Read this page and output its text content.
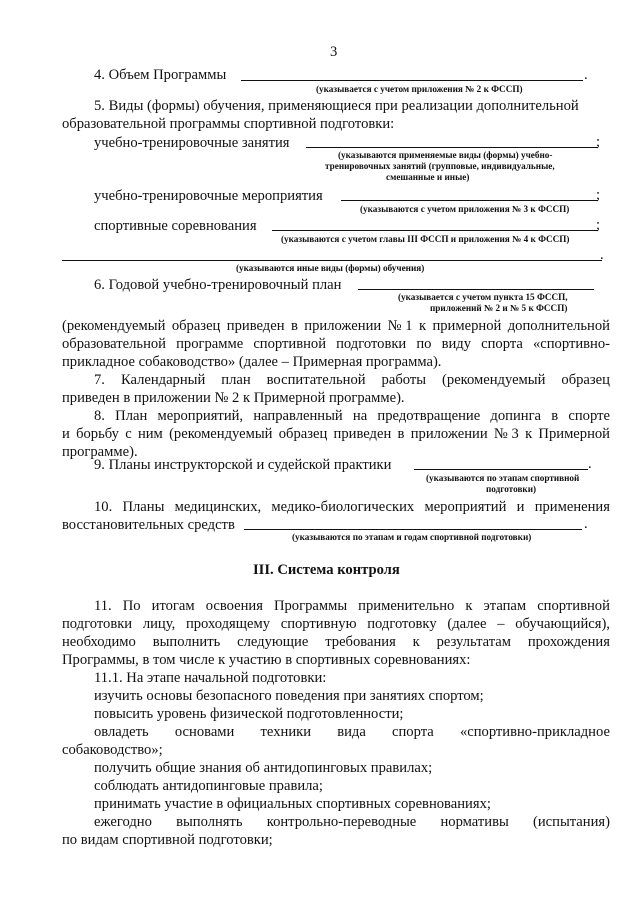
3
4. Объем Программы	.
(указывается с учетом приложения № 2 к ФССП)
5. Виды (формы) обучения, применяющиеся при реализации дополнительной
образовательной программы спортивной подготовки:
учебно-тренировочные занятия	;
(указываются применяемые виды (формы) учебно-
тренировочных занятий (групповые, индивидуальные,
смешанные и иные)
учебно-тренировочные мероприятия	;
(указываются с учетом приложения № 3 к ФССП)
спортивные соревнования	;
(указываются с учетом главы III ФССП и приложения № 4 к ФССП)
.
(указываются иные виды (формы) обучения)
6. Годовой учебно-тренировочный план
(указывается с учетом пункта 15 ФССП,
приложений № 2 и № 5 к ФССП)
(рекомендуемый образец приведен в приложении № 1 к примерной дополнительной
образовательной программе спортивной подготовки по виду спорта «спортивно-
прикладное собаководство» (далее – Примерная программа).
7. Календарный план воспитательной работы (рекомендуемый образец
приведен в приложении № 2 к Примерной программе).
8. План мероприятий, направленный на предотвращение допинга в спорте
и борьбу с ним (рекомендуемый образец приведен в приложении № 3 к Примерной
программе).
9. Планы инструкторской и судейской практики	.
(указываются по этапам спортивной
подготовки)
10. Планы медицинских, медико-биологических мероприятий и применения
восстановительных средств	.
(указываются по этапам и годам спортивной подготовки)
III. Система контроля
11. По итогам освоения Программы применительно к этапам спортивной
подготовки лицу, проходящему спортивную подготовку (далее – обучающийся),
необходимо выполнить следующие требования к результатам прохождения
Программы, в том числе к участию в спортивных соревнованиях:
11.1. На этапе начальной подготовки:
изучить основы безопасного поведения при занятиях спортом;
повысить уровень физической подготовленности;
овладеть основами техники вида спорта «спортивно-прикладное
собаководство»;
получить общие знания об антидопинговых правилах;
соблюдать антидопинговые правила;
принимать участие в официальных спортивных соревнованиях;
ежегодно выполнять контрольно-переводные нормативы (испытания)
по видам спортивной подготовки;
